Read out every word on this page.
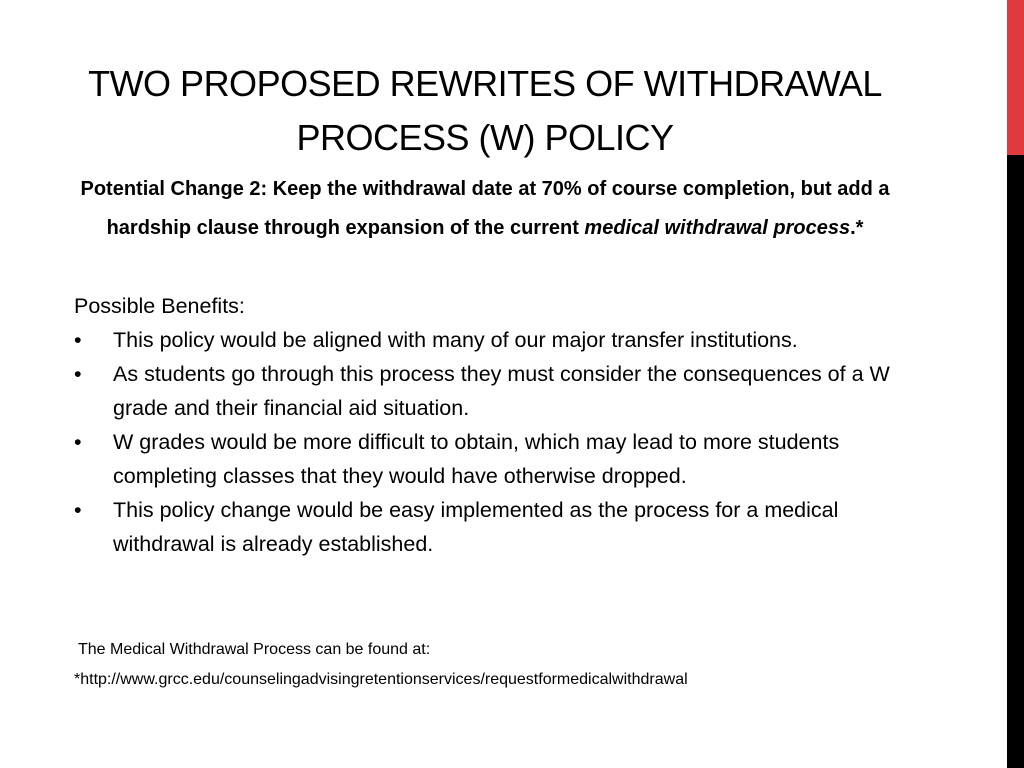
TWO PROPOSED REWRITES OF WITHDRAWAL PROCESS (W) POLICY
Potential Change 2: Keep the withdrawal date at 70% of course completion, but add a hardship clause through expansion of the current medical withdrawal process.*

Possible Benefits:

• This policy would be aligned with many of our major transfer institutions.
• As students go through this process they must consider the consequences of a W grade and their financial aid situation.
• W grades would be more difficult to obtain, which may lead to more students completing classes that they would have otherwise dropped.
• This policy change would be easy implemented as the process for a medical withdrawal is already established.
The Medical Withdrawal Process can be found at:
*http://www.grcc.edu/counselingadvisingretentionservices/requestformedicalwithdrawal
